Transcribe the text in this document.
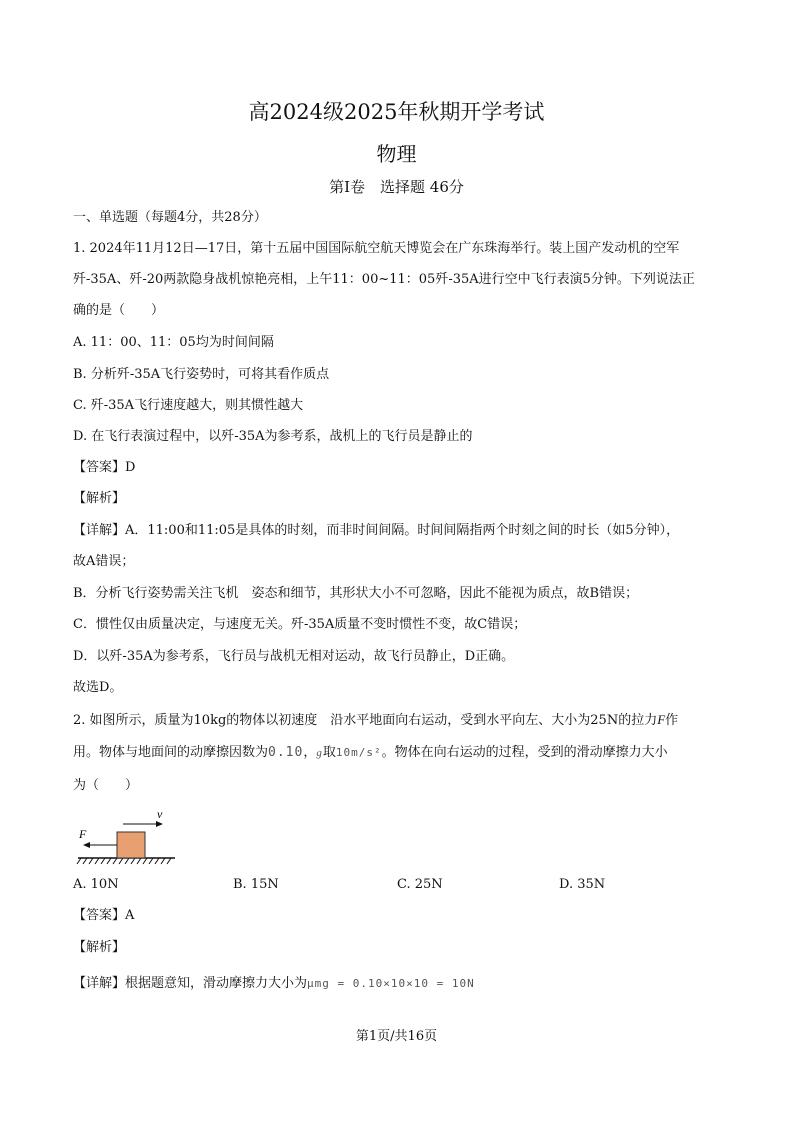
高2024级2025年秋期开学考试
物理
第Ⅰ卷　选择题 46分
一、单选题（每题4分，共28分）
1. 2024年11月12日—17日，第十五届中国国际航空航天博览会在广东珠海举行。装上国产发动机的空军
歼-35A、歼-20两款隐身战机惊艳亮相，上午11：00~11：05歼-35A进行空中飞行表演5分钟。下列说法正
确的是（　　）
A. 11：00、11：05均为时间间隔
B. 分析歼-35A飞行姿势时，可将其看作质点
C. 歼-35A飞行速度越大，则其惯性越大
D. 在飞行表演过程中，以歼-35A为参考系，战机上的飞行员是静止的
【答案】D
【解析】
【详解】A．11:00和11:05是具体的时刻，而非时间间隔。时间间隔指两个时刻之间的时长（如5分钟），
故A错误；
B．分析飞行姿势需关注飞机　姿态和细节，其形状大小不可忽略，因此不能视为质点，故B错误；
C．惯性仅由质量决定，与速度无关。歼-35A质量不变时惯性不变，故C错误；
D．以歼-35A为参考系，飞行员与战机无相对运动，故飞行员静止，D正确。
故选D。
2. 如图所示，质量为10kg的物体以初速度　沿水平地面向右运动，受到水平向左、大小为25N的拉力F作
用。物体与地面间的动摩擦因数为0.10，g取10m/s²。物体在向右运动的过程，受到的滑动摩擦力大小
为（　　）
v
F
A. 10N	B. 15N	C. 25N	D. 35N
【答案】A
【解析】
【详解】根据题意知，滑动摩擦力大小为μmg = 0.10×10×10 = 10N
第1页/共16页
